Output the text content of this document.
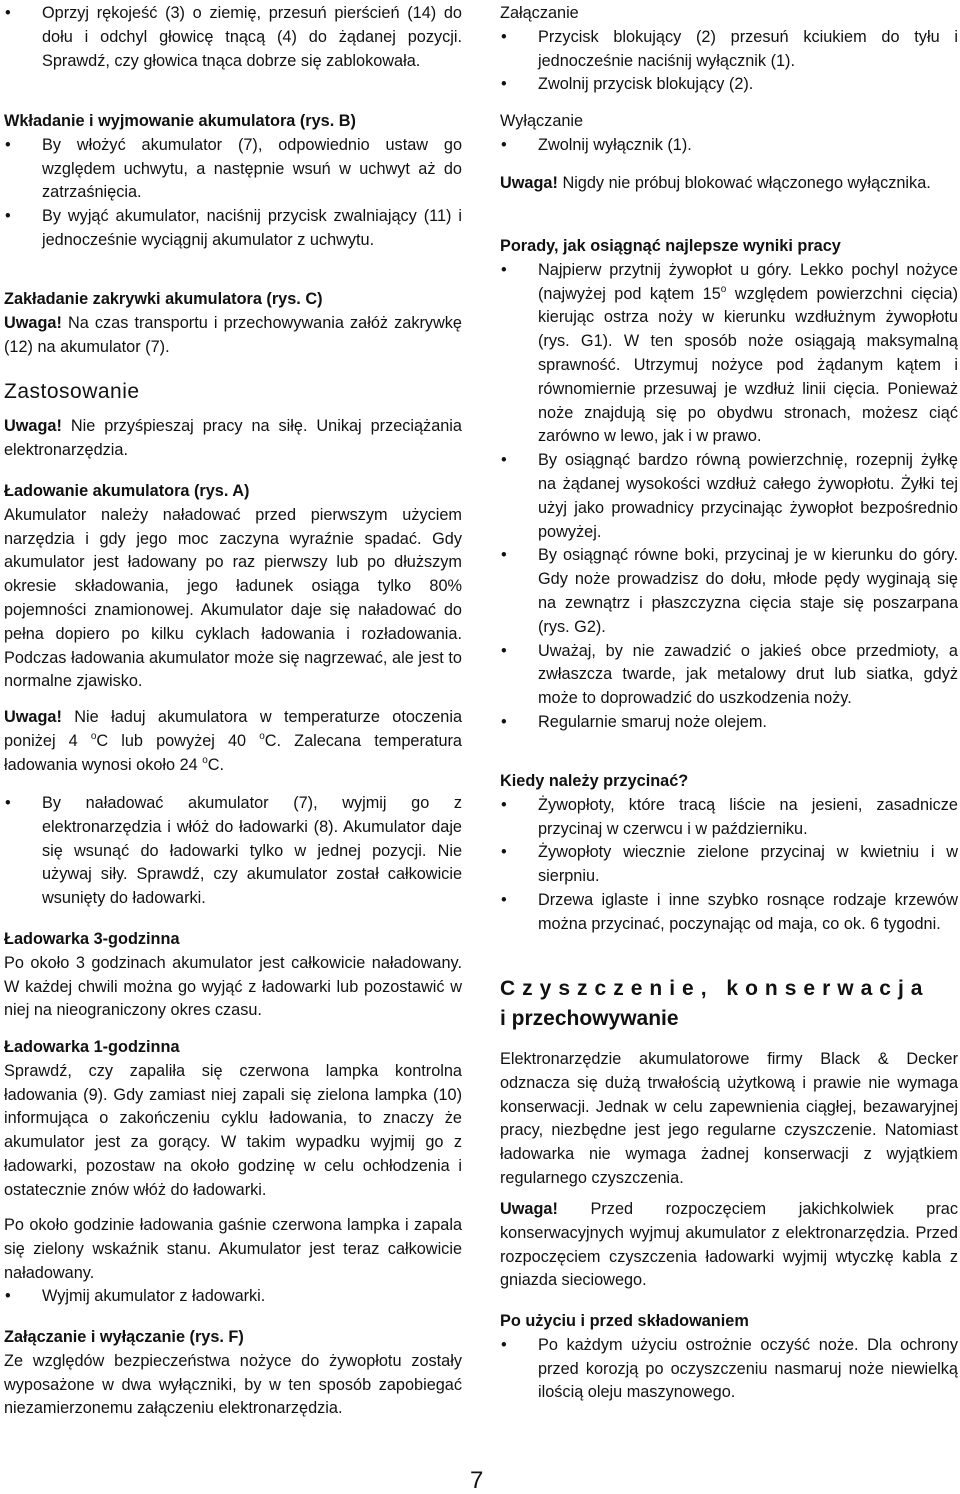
• Oprzyj rękojeść (3) o ziemię, przesuń pierścień (14) do dołu i odchyl głowicę tnącą (4) do żądanej pozycji. Sprawdź, czy głowica tnąca dobrze się zablokowała.

Wkładanie i wyjmowanie akumulatora (rys. B)

• By włożyć akumulator (7), odpowiednio ustaw go względem uchwytu, a następnie wsuń w uchwyt aż do zatrzaśnięcia.
• By wyjąć akumulator, naciśnij przycisk zwalniający (11) i jednocześnie wyciągnij akumulator z uchwytu.

Zakładanie zakrywki akumulatora (rys. C)

Uwaga! Na czas transportu i przechowywania załóż zakrywkę (12) na akumulator (7).

Zastosowanie

Uwaga! Nie przyśpieszaj pracy na siłę. Unikaj przeciążania elektronarzędzia.

Ładowanie akumulatora (rys. A)

Akumulator należy naładować przed pierwszym użyciem narzędzia i gdy jego moc zaczyna wyraźnie spadać. Gdy akumulator jest ładowany po raz pierwszy lub po dłuższym okresie składowania, jego ładunek osiąga tylko 80% pojemności znamionowej. Akumulator daje się naładować do pełna dopiero po kilku cyklach ładowania i rozładowania. Podczas ładowania akumulator może się nagrzewać, ale jest to normalne zjawisko.

Uwaga! Nie ładuj akumulatora w temperaturze otoczenia poniżej 4 $^o$C lub powyżej 40 $^o$C. Zalecana temperatura ładowania wynosi około 24 $^o$C.

• By naładować akumulator (7), wyjmij go z elektronarzędzia i włóż do ładowarki (8). Akumulator daje się wsunąć do ładowarki tylko w jednej pozycji. Nie używaj siły. Sprawdź, czy akumulator został całkowicie wsunięty do ładowarki.

Ładowarka 3-godzinna

Po około 3 godzinach akumulator jest całkowicie naładowany. W każdej chwili można go wyjąć z ładowarki lub pozostawić w niej na nieograniczony okres czasu.

Ładowarka 1-godzinna

Sprawdź, czy zapaliła się czerwona lampka kontrolna ładowania (9). Gdy zamiast niej zapali się zielona lampka (10) informująca o zakończeniu cyklu ładowania, to znaczy że akumulator jest za gorący. W takim wypadku wyjmij go z ładowarki, pozostaw na około godzinę w celu ochłodzenia i ostatecznie znów włóż do ładowarki.

Po około godzinie ładowania gaśnie czerwona lampka i zapala się zielony wskaźnik stanu. Akumulator jest teraz całkowicie naładowany.

• Wyjmij akumulator z ładowarki.

Załączanie i wyłączanie (rys. F)

Ze względów bezpieczeństwa nożyce do żywopłotu zostały wyposażone w dwa wyłączniki, by w ten sposób zapobiegać niezamierzonemu załączeniu elektronarzędzia.

Załączanie

• Przycisk blokujący (2) przesuń kciukiem do tyłu i jednocześnie naciśnij wyłącznik (1).
• Zwolnij przycisk blokujący (2).

Wyłączanie

• Zwolnij wyłącznik (1).

Uwaga! Nigdy nie próbuj blokować włączonego wyłącznika.

Porady, jak osiągnąć najlepsze wyniki pracy

• Najpierw przytnij żywopłot u góry. Lekko pochyl nożyce (najwyżej pod kątem 15$^o$ względem powierzchni cięcia) kierując ostrza noży w kierunku wzdłużnym żywopłotu (rys. G1). W ten sposób noże osiągają maksymalną sprawność. Utrzymuj nożyce pod żądanym kątem i równomiernie przesuwaj je wzdłuż linii cięcia. Ponieważ noże znajdują się po obydwu stronach, możesz ciąć zarówno w lewo, jak i w prawo.
• By osiągnąć bardzo równą powierzchnię, rozepnij żyłkę na żądanej wysokości wzdłuż całego żywopłotu. Żyłki tej użyj jako prowadnicy przycinając żywopłot bezpośrednio powyżej.
• By osiągnąć równe boki, przycinaj je w kierunku do góry. Gdy noże prowadzisz do dołu, młode pędy wyginają się na zewnątrz i płaszczyzna cięcia staje się poszarpana (rys. G2).
• Uważaj, by nie zawadzić o jakieś obce przedmioty, a zwłaszcza twarde, jak metalowy drut lub siatka, gdyż może to doprowadzić do uszkodzenia noży.
• Regularnie smaruj noże olejem.

Kiedy należy przycinać?

• Żywopłoty, które tracą liście na jesieni, zasadnicze przycinaj w czerwcu i w październiku.
• Żywopłoty wiecznie zielone przycinaj w kwietniu i w sierpniu.
• Drzewa iglaste i inne szybko rosnące rodzaje krzewów można przycinać, poczynając od maja, co ok. 6 tygodni.
Czyszczenie, konserwacja
i przechowywanie

Elektronarzędzie akumulatorowe firmy Black & Decker odznacza się dużą trwałością użytkową i prawie nie wymaga konserwacji. Jednak w celu zapewnienia ciągłej, bezawaryjnej pracy, niezbędne jest jego regularne czyszczenie. Natomiast ładowarka nie wymaga żadnej konserwacji z wyjątkiem regularnego czyszczenia.

Uwaga! Przed rozpoczęciem jakichkolwiek prac konserwacyjnych wyjmuj akumulator z elektronarzędzia. Przed rozpoczęciem czyszczenia ładowarki wyjmij wtyczkę kabla z gniazda sieciowego.

Po użyciu i przed składowaniem

• Po każdym użyciu ostrożnie oczyść noże. Dla ochrony przed korozją po oczyszczeniu nasmaruj noże niewielką ilością oleju maszynowego.
7
